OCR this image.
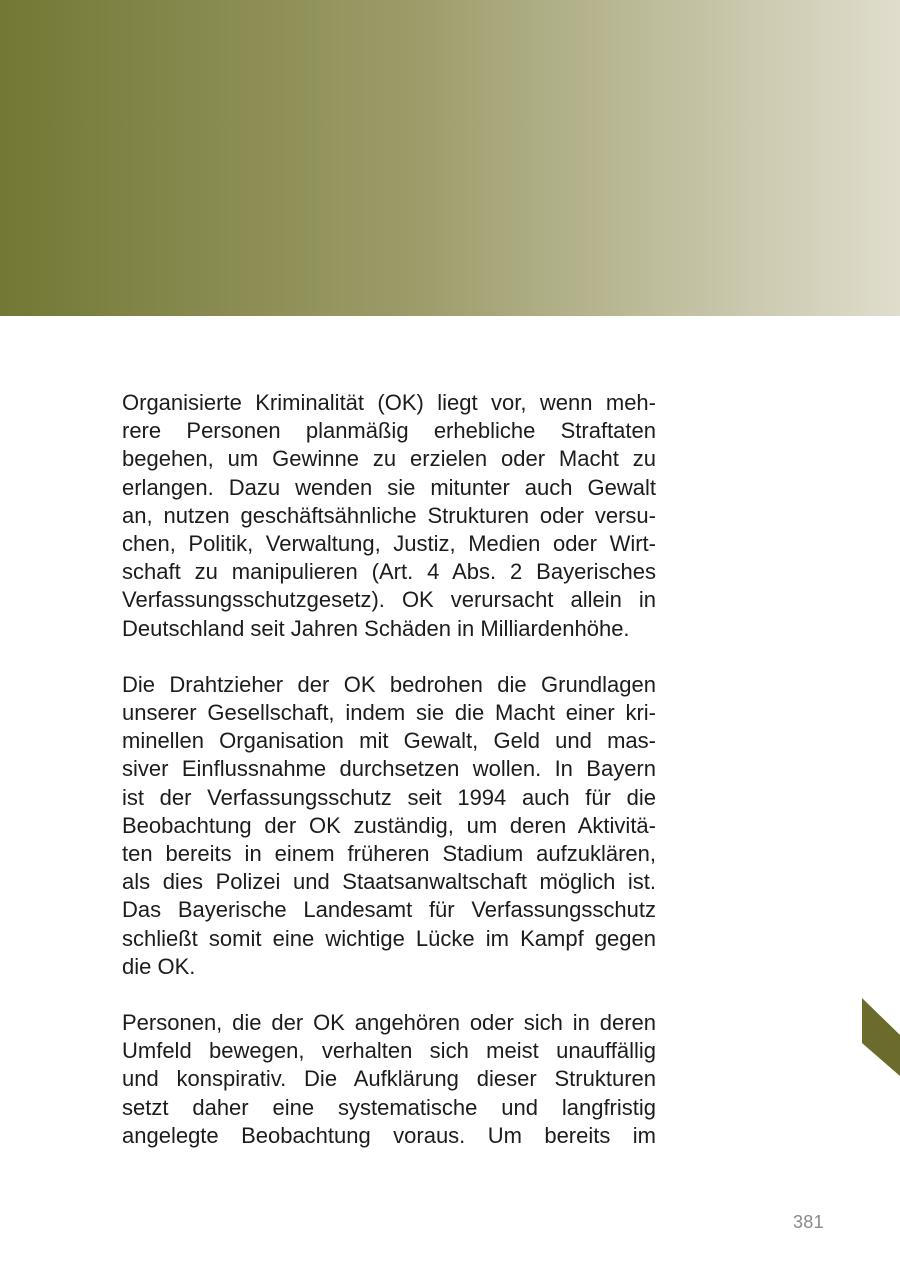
Organisierte Kriminalität (OK) liegt vor, wenn meh-
rere Personen planmäßig erhebliche Straftaten
begehen, um Gewinne zu erzielen oder Macht zu
erlangen. Dazu wenden sie mitunter auch Gewalt
an, nutzen geschäftsähnliche Strukturen oder versu-
chen, Politik, Verwaltung, Justiz, Medien oder Wirt-
schaft zu manipulieren (Art. 4 Abs. 2 Bayerisches
Verfassungsschutzgesetz). OK verursacht allein in
Deutschland seit Jahren Schäden in Milliardenhöhe.
Die Drahtzieher der OK bedrohen die Grundlagen
unserer Gesellschaft, indem sie die Macht einer kri-
minellen Organisation mit Gewalt, Geld und mas-
siver Einflussnahme durchsetzen wollen. In Bayern
ist der Verfassungsschutz seit 1994 auch für die
Beobachtung der OK zuständig, um deren Aktivitä-
ten bereits in einem früheren Stadium aufzuklären,
als dies Polizei und Staatsanwaltschaft möglich ist.
Das Bayerische Landesamt für Verfassungsschutz
schließt somit eine wichtige Lücke im Kampf gegen
die OK.
Personen, die der OK angehören oder sich in deren
Umfeld bewegen, verhalten sich meist unauffällig
und konspirativ. Die Aufklärung dieser Strukturen
setzt daher eine systematische und langfristig
angelegte Beobachtung voraus. Um bereits im
381
